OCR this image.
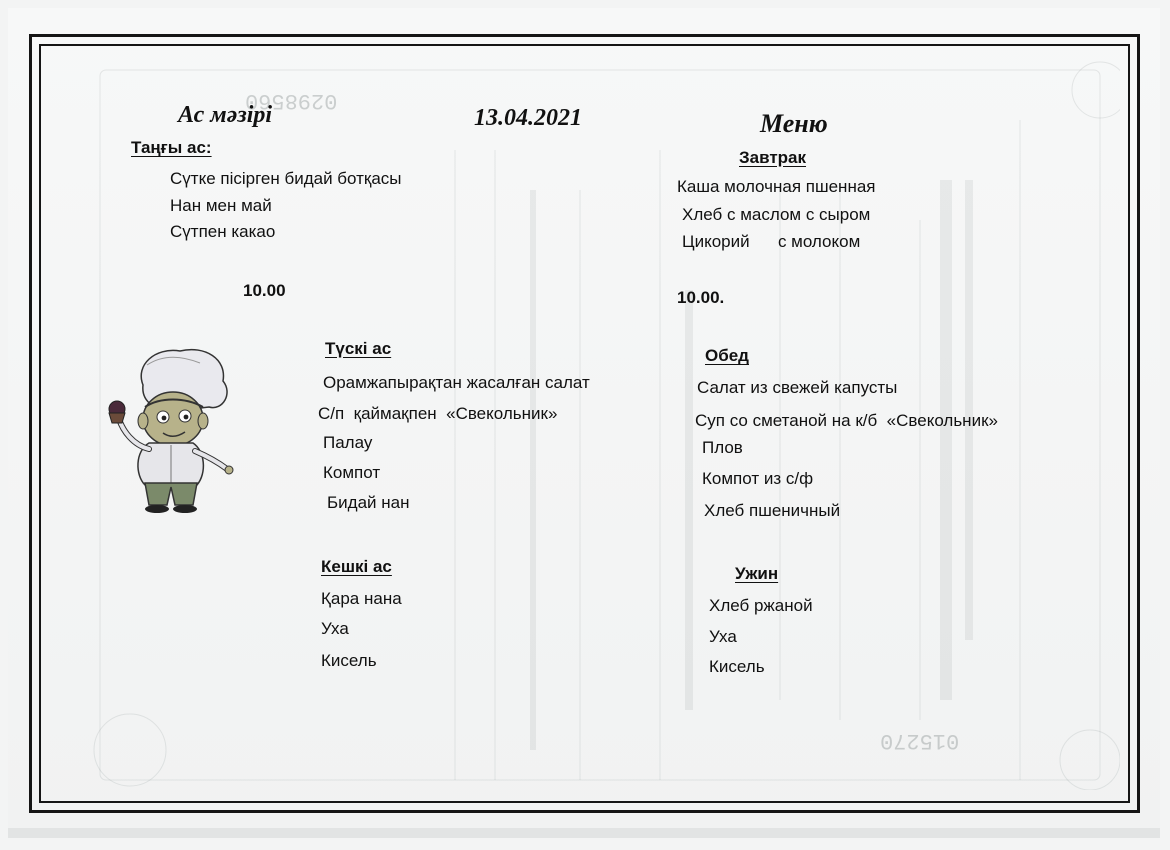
0298560
015270
Ас мәзірі	13.04.2021	Меню
Таңғы ас:
Сүтке пісірген бидай ботқасы
Нан мен май
Сүтпен какао
10.00
Завтрак
Каша молочная пшенная
Хлеб с маслом с сыром
Цикорий      с молоком
10.00.
Түскі ас
Орамжапырақтан жасалған салат
С/п  қаймақпен  «Свекольник»
Палау
Компот
Бидай нан
Обед
Салат из свежей капусты
Суп со сметаной на к/б  «Свекольник»
Плов
Компот из с/ф
Хлеб пшеничный
Кешкі ас
Қара нана
Уха
Кисель
Ужин
Хлеб ржаной
Уха
Кисель
